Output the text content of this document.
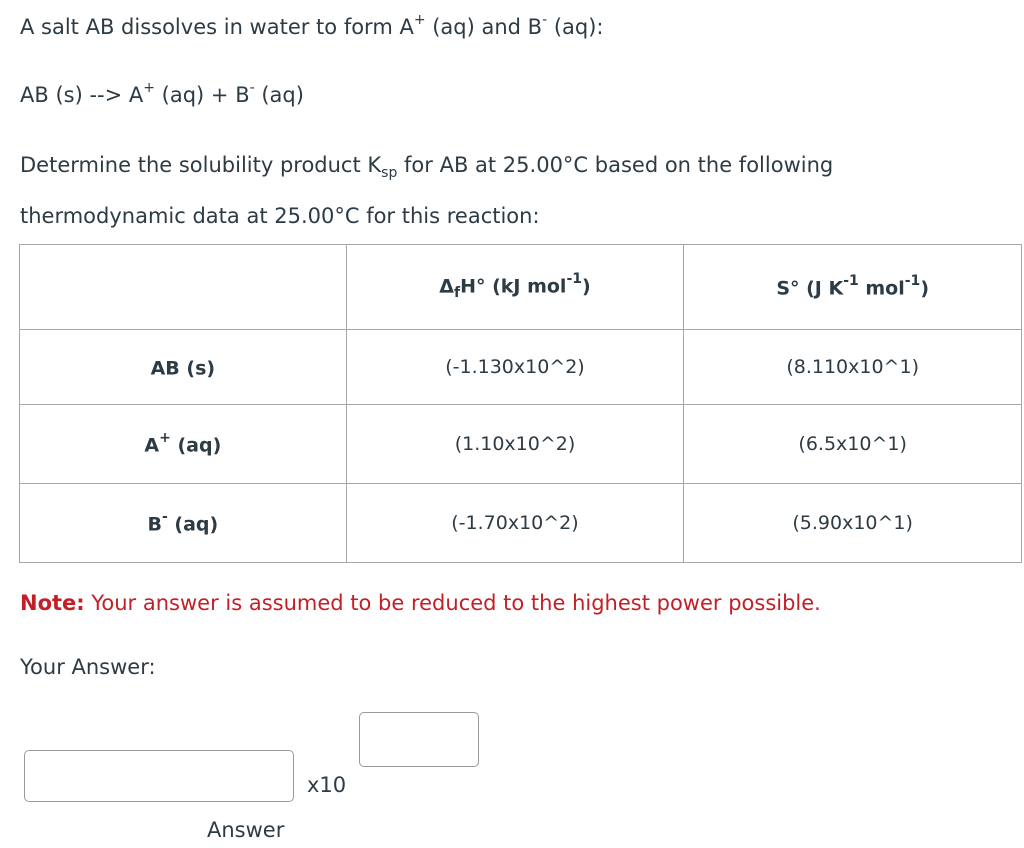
A salt AB dissolves in water to form A+ (aq) and B- (aq):
AB (s) --> A+ (aq) + B- (aq)
Determine the solubility product $K_{sp}$ for AB at 25.00°C based on the following
thermodynamic data at 25.00°C for this reaction:
	$\Delta_fH^\circ$ (kJ mol$^{-1}$)	S° (J $K^{-1}$ mol$^{-1}$)
AB (s)	(-1.130x10^2)	(8.110x10^1)
A+ (aq)	(1.10x10^2)	(6.5x10^1)
B- (aq)	(-1.70x10^2)	(5.90x10^1)
Note: Your answer is assumed to be reduced to the highest power possible.
Your Answer:
x10
Answer
